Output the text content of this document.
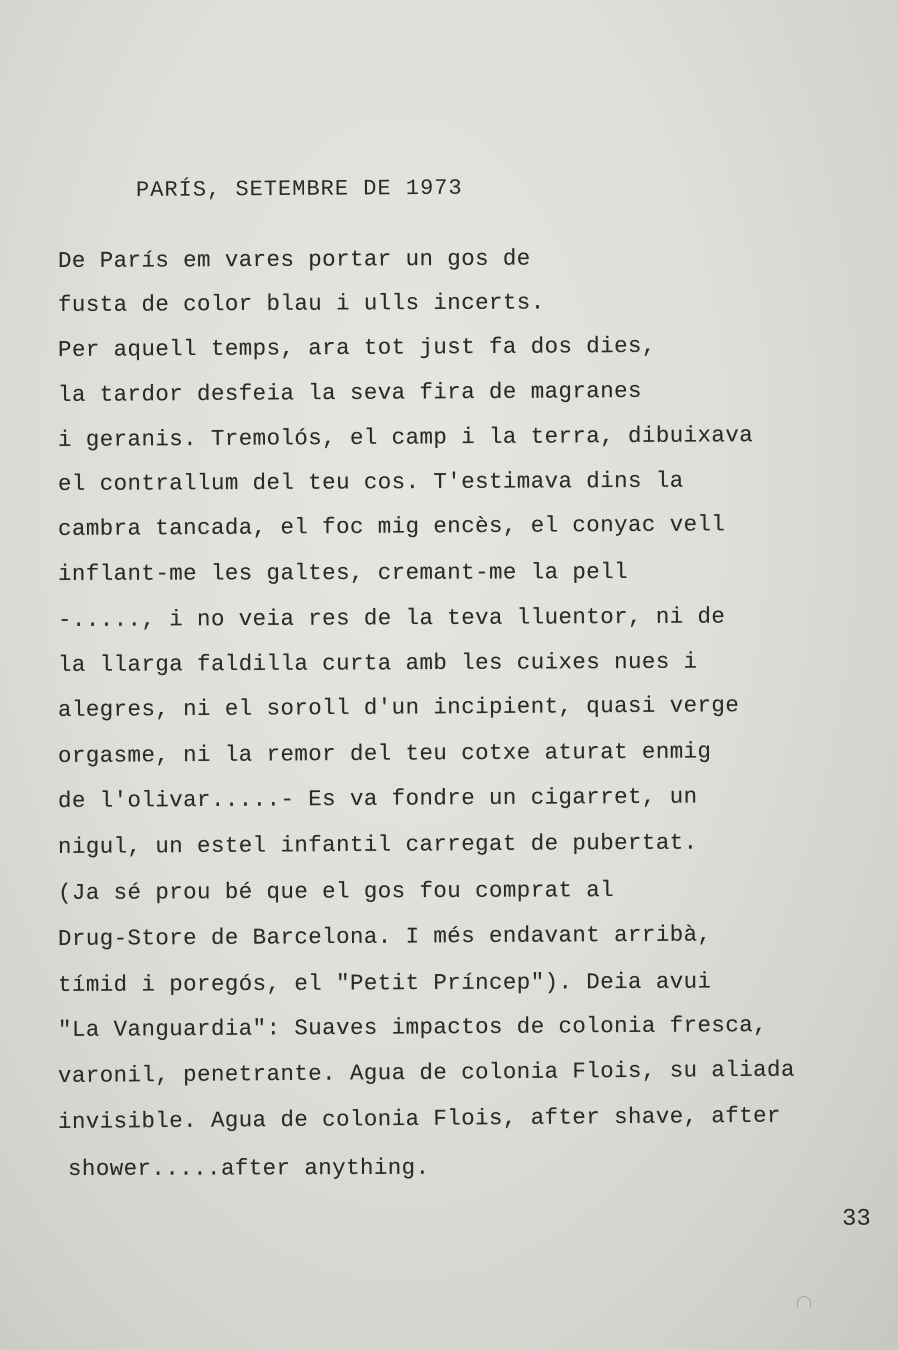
PARÍS, SETEMBRE DE 1973
De París em vares portar un gos de
fusta de color blau i ulls incerts.
Per aquell temps, ara tot just fa dos dies,
la tardor desfeia la seva fira de magranes
i geranis. Tremolós, el camp i la terra, dibuixava
el contrallum del teu cos. T'estimava dins la
cambra tancada, el foc mig encès, el conyac vell
inflant-me les galtes, cremant-me la pell
-....., i no veia res de la teva lluentor, ni de
la llarga faldilla curta amb les cuixes nues i
alegres, ni el soroll d'un incipient, quasi verge
orgasme, ni la remor del teu cotxe aturat enmig
de l'olivar.....- Es va fondre un cigarret, un
nigul, un estel infantil carregat de pubertat.
(Ja sé prou bé que el gos fou comprat al
Drug-Store de Barcelona. I més endavant arribà,
tímid i poregós, el "Petit Príncep"). Deia avui
"La Vanguardia": Suaves impactos de colonia fresca,
varonil, penetrante. Agua de colonia Flois, su aliada
invisible. Agua de colonia Flois, after shave, after
shower.....after anything.
33
